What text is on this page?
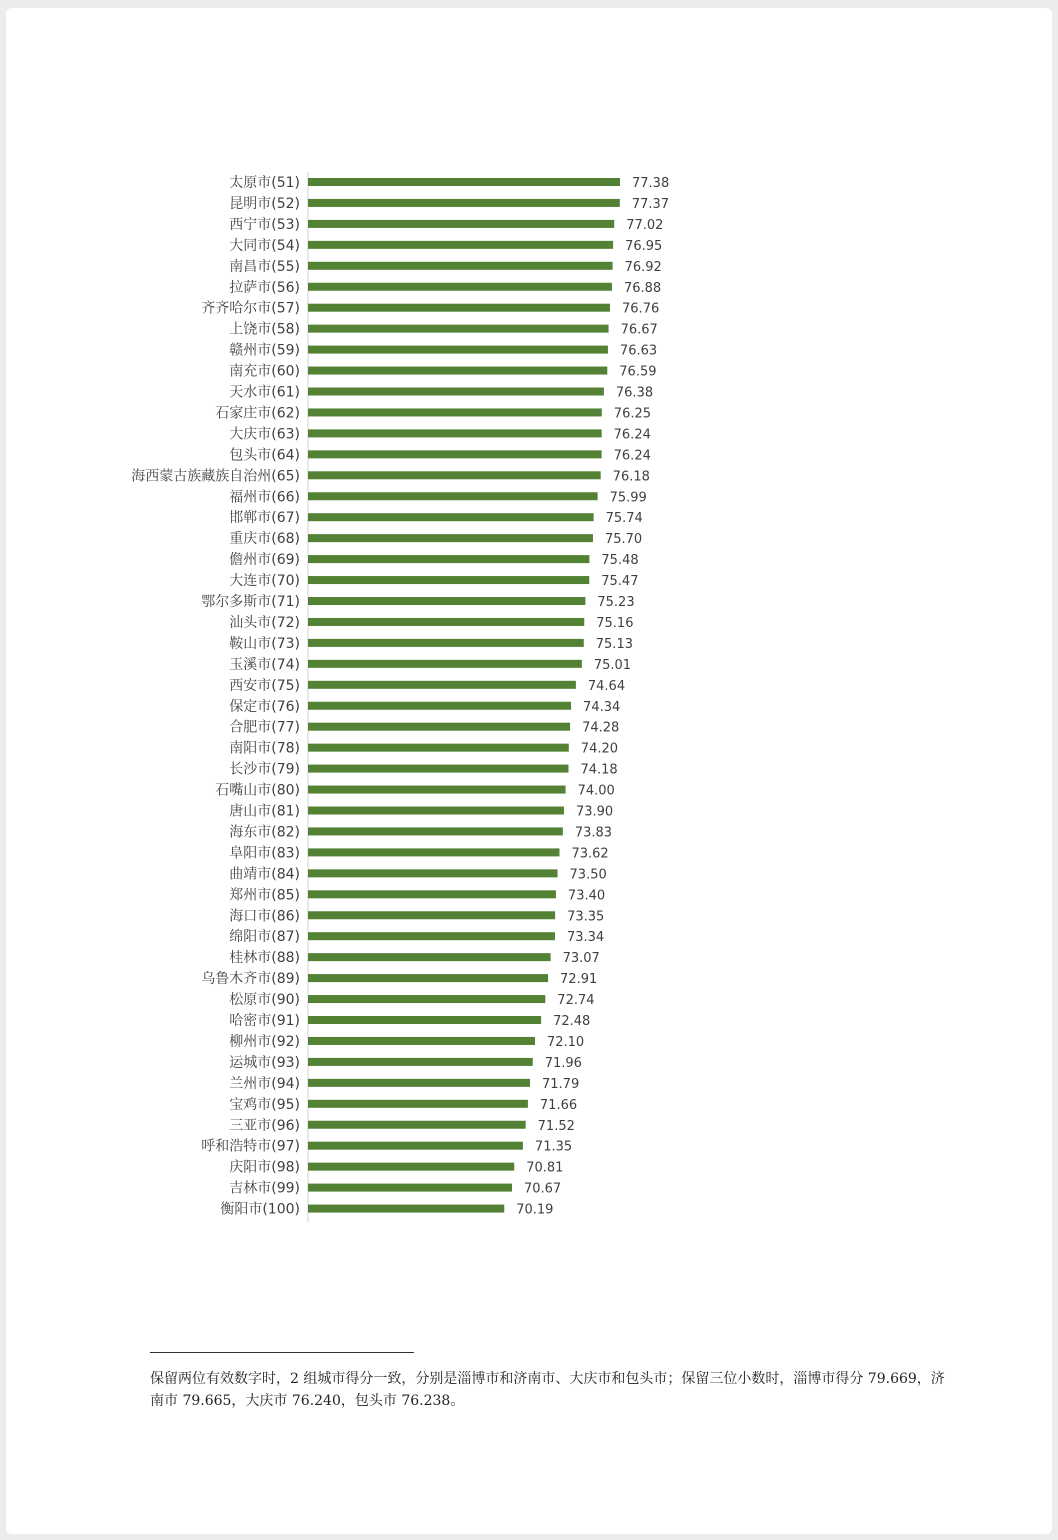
太原市(51)	77.38
昆明市(52)	77.37
西宁市(53)	77.02
大同市(54)	76.95
南昌市(55)	76.92
拉萨市(56)	76.88
齐齐哈尔市(57)	76.76
上饶市(58)	76.67
赣州市(59)	76.63
南充市(60)	76.59
天水市(61)	76.38
石家庄市(62)	76.25
大庆市(63)	76.24
包头市(64)	76.24
海西蒙古族藏族自治州(65)	76.18
福州市(66)	75.99
邯郸市(67)	75.74
重庆市(68)	75.70
儋州市(69)	75.48
大连市(70)	75.47
鄂尔多斯市(71)	75.23
汕头市(72)	75.16
鞍山市(73)	75.13
玉溪市(74)	75.01
西安市(75)	74.64
保定市(76)	74.34
合肥市(77)	74.28
南阳市(78)	74.20
长沙市(79)	74.18
石嘴山市(80)	74.00
唐山市(81)	73.90
海东市(82)	73.83
阜阳市(83)	73.62
曲靖市(84)	73.50
郑州市(85)	73.40
海口市(86)	73.35
绵阳市(87)	73.34
桂林市(88)	73.07
乌鲁木齐市(89)	72.91
松原市(90)	72.74
哈密市(91)	72.48
柳州市(92)	72.10
运城市(93)	71.96
兰州市(94)	71.79
宝鸡市(95)	71.66
三亚市(96)	71.52
呼和浩特市(97)	71.35
庆阳市(98)	70.81
吉林市(99)	70.67
衡阳市(100)	70.19
保留两位有效数字时，2 组城市得分一致，分别是淄博市和济南市、大庆市和包头市；保留三位小数时，淄博市得分 79.669，济南市 79.665，大庆市 76.240，包头市 76.238。
